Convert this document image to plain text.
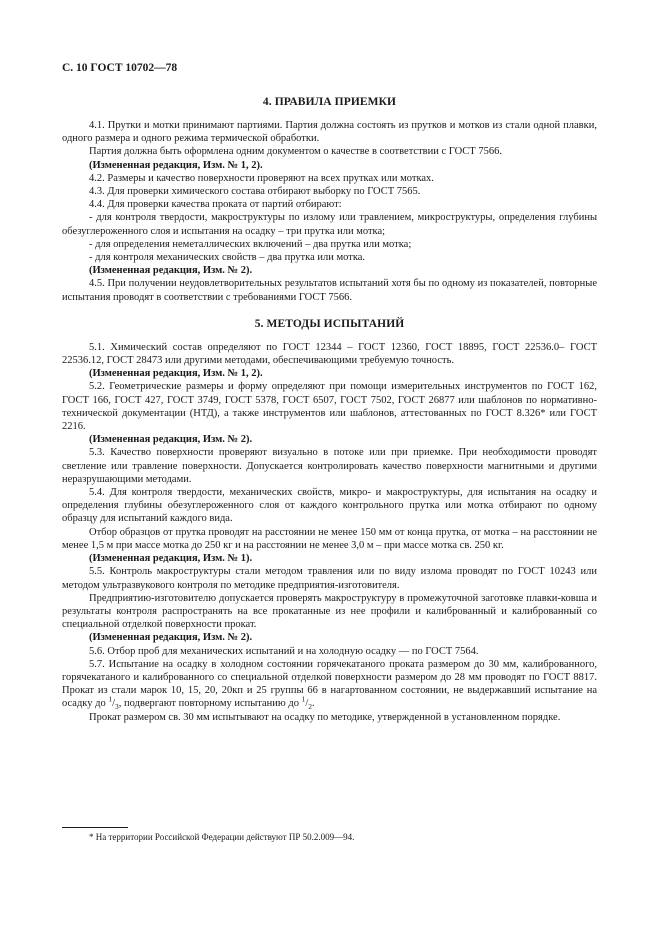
С. 10 ГОСТ 10702—78
4. ПРАВИЛА ПРИЕМКИ

4.1. Прутки и мотки принимают партиями. Партия должна состоять из прутков и мотков из стали одной плавки, одного размера и одного режима термической обработки.

Партия должна быть оформлена одним документом о качестве в соответствии с ГОСТ 7566.

(Измененная редакция, Изм. № 1, 2).

4.2. Размеры и качество поверхности проверяют на всех прутках или мотках.

4.3. Для проверки химического состава отбирают выборку по ГОСТ 7565.

4.4. Для проверки качества проката от партий отбирают:

- для контроля твердости, макроструктуры по излому или травлением, микроструктуры, определения глубины обезуглероженного слоя и испытания на осадку – три прутка или мотка;

- для определения неметаллических включений – два прутка или мотка;

- для контроля механических свойств – два прутка или мотка.

(Измененная редакция, Изм. № 2).

4.5. При получении неудовлетворительных результатов испытаний хотя бы по одному из показателей, повторные испытания проводят в соответствии с требованиями ГОСТ 7566.

5. МЕТОДЫ ИСПЫТАНИЙ

5.1. Химический состав определяют по ГОСТ 12344 – ГОСТ 12360, ГОСТ 18895, ГОСТ 22536.0– ГОСТ 22536.12, ГОСТ 28473 или другими методами, обеспечивающими требуемую точность.

(Измененная редакция, Изм. № 1, 2).

5.2. Геометрические размеры и форму определяют при помощи измерительных инструментов по ГОСТ 162, ГОСТ 166, ГОСТ 427, ГОСТ 3749, ГОСТ 5378, ГОСТ 6507, ГОСТ 7502, ГОСТ 26877 или шаблонов по нормативно-технической документации (НТД), а также инструментов или шаблонов, аттестованных по ГОСТ 8.326* или ГОСТ 2216.

(Измененная редакция, Изм. № 2).

5.3. Качество поверхности проверяют визуально в потоке или при приемке. При необходимости проводят светление или травление поверхности. Допускается контролировать качество поверхности магнитными и другими неразрушающими методами.

5.4. Для контроля твердости, механических свойств, микро- и макроструктуры, для испытания на осадку и определения глубины обезуглероженного слоя от каждого контрольного прутка или мотка отбирают по одному образцу для испытаний каждого вида.

Отбор образцов от прутка проводят на расстоянии не менее 150 мм от конца прутка, от мотка – на расстоянии не менее 1,5 м при массе мотка до 250 кг и на расстоянии не менее 3,0 м – при массе мотка св. 250 кг.

(Измененная редакция, Изм. № 1).

5.5. Контроль макроструктуры стали методом травления или по виду излома проводят по ГОСТ 10243 или методом ультразвукового контроля по методике предприятия-изготовителя.

Предприятию-изготовителю допускается проверять макроструктуру в промежуточной заготовке плавки-ковша и результаты контроля распространять на все прокатанные из нее профили и калиброванный и калиброванный со специальной отделкой поверхности прокат.

(Измененная редакция, Изм. № 2).

5.6. Отбор проб для механических испытаний и на холодную осадку — по ГОСТ 7564.

5.7. Испытание на осадку в холодном состоянии горячекатаного проката размером до 30 мм, калиброванного, горячекатаного и калиброванного со специальной отделкой поверхности размером до 28 мм проводят по ГОСТ 8817. Прокат из стали марок 10, 15, 20, 20кп и 25 группы 66 в нагартованном состоянии, не выдержавший испытание на осадку до $^1/_3$, подвергают повторному испытанию до $^1/_2$.

Прокат размером св. 30 мм испытывают на осадку по методике, утвержденной в установленном порядке.

* На территории Российской Федерации действуют ПР 50.2.009—94.
